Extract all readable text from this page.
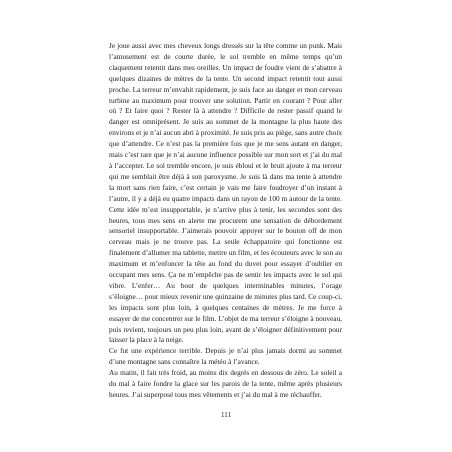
Je joue aussi avec mes cheveux longs dressés sur la tête comme un punk. Mais l’amusement est de courte durée, le sol tremble en même temps qu’un claquement retentit dans mes oreilles. Un impact de foudre vient de s’abattre à quelques dizaines de mètres de la tente. Un second impact retentit tout aussi proche. La terreur m’envahit rapidement, je suis face au danger et mon cerveau turbine au maximum pour trouver une solution. Partir en courant ? Pour aller où ? Et faire quoi ? Rester là à attendre ? Difficile de rester passif quand le danger est omniprésent. Je suis au sommet de la montagne la plus haute des environs et je n’ai aucun abri à proximité. Je suis pris au piège, sans autre choix que d’attendre. Ce n’est pas la première fois que je me sens autant en danger, mais c’est rare que je n’ai aucune influence possible sur mon sort et j’ai du mal à l’accepter. Le sol tremble encore, je suis ébloui et le bruit ajoute à ma terreur qui me semblait être déjà à son paroxysme. Je suis là dans ma tente à attendre la mort sans rien faire, c’est certain je vais me faire foudroyer d’un instant à l’autre, il y a déjà eu quatre impacts dans un rayon de 100 m autour de la tente. Cette idée m’est insupportable, je n’arrive plus à tenir, les secondes sont des heures, tous mes sens en alerte me procurent une sensation de débordement sensoriel insupportable. J’aimerais pouvoir appuyer sur le bouton off de mon cerveau mais je ne trouve pas. La seule échappatoire qui fonctionne est finalement d’allumer ma tablette, mettre un film, et les écouteurs avec le son au maximum et m’enfoncer la tête au fond du duvet pour essayer d’oublier en occupant mes sens. Ça ne m’empêche pas de sentir les impacts avec le sol qui vibre. L’enfer… Au bout de quelques interminables minutes, l’orage s’éloigne… pour mieux revenir une quinzaine de minutes plus tard. Ce coup-ci, les impacts sont plus loin, à quelques centaines de mètres. Je me force à essayer de me concentrer sur le film. L’objet de ma terreur s’éloigne à nouveau, puis revient, toujours un peu plus loin, avant de s’éloigner définitivement pour laisser la place à la neige.

Ce fut une expérience terrible. Depuis je n’ai plus jamais dormi au sommet d’une montagne sans connaître la météo à l’avance.

Au matin, il fait très froid, au moins dix degrés en dessous de zéro. Le soleil a du mal à faire fondre la glace sur les parois de la tente, même après plusieurs heures. J’ai superposé tous mes vêtements et j’ai du mal à me réchauffer.

111
